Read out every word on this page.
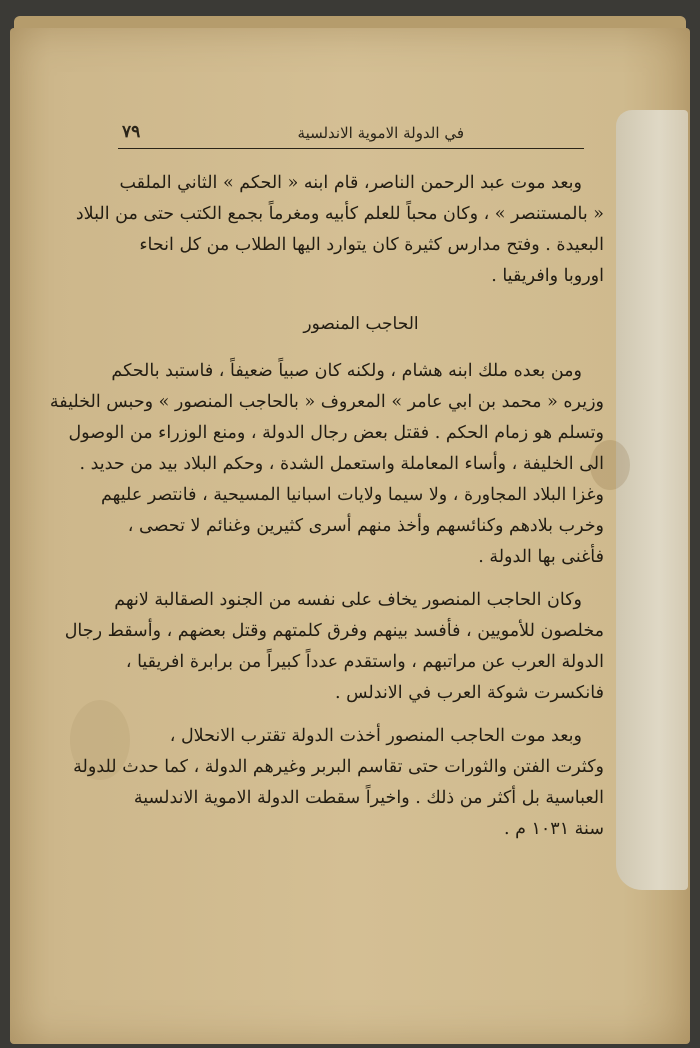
في الدولة الاموية الاندلسية
٧٩
وبعد موت عبد الرحمن الناصر، قام ابنه « الحكم » الثاني الملقب
« بالمستنصر » ، وكان محباً للعلم كأبيه ومغرماً بجمع الكتب حتى من البلاد
البعيدة . وفتح مدارس كثيرة كان يتوارد اليها الطلاب من كل انحاء
اوروبا وافريقيا .
الحاجب المنصور
ومن بعده ملك ابنه هشام ، ولكنه كان صبياً ضعيفاً ، فاستبد بالحكم
وزيره « محمد بن ابي عامر » المعروف « بالحاجب المنصور » وحبس الخليفة
وتسلم هو زمام الحكم . فقتل بعض رجال الدولة ، ومنع الوزراء من الوصول
الى الخليفة ، وأساء المعاملة واستعمل الشدة ، وحكم البلاد بيد من حديد .
وغزا البلاد المجاورة ، ولا سيما ولايات اسبانيا المسيحية ، فانتصر عليهم
وخرب بلادهم وكنائسهم وأخذ منهم أسرى كثيرين وغنائم لا تحصى ،
فأغنى بها الدولة .
وكان الحاجب المنصور يخاف على نفسه من الجنود الصقالبة لانهم
مخلصون للأمويين ، فأفسد بينهم وفرق كلمتهم وقتل بعضهم ، وأسقط رجال
الدولة العرب عن مراتبهم ، واستقدم عدداً كبيراً من برابرة افريقيا ،
فانكسرت شوكة العرب في الاندلس .
وبعد موت الحاجب المنصور أخذت الدولة تقترب الانحلال ،
وكثرت الفتن والثورات حتى تقاسم البربر وغيرهم الدولة ، كما حدث للدولة
العباسية بل أكثر من ذلك . واخيراً سقطت الدولة الاموية الاندلسية
سنة ١٠٣١ م .
